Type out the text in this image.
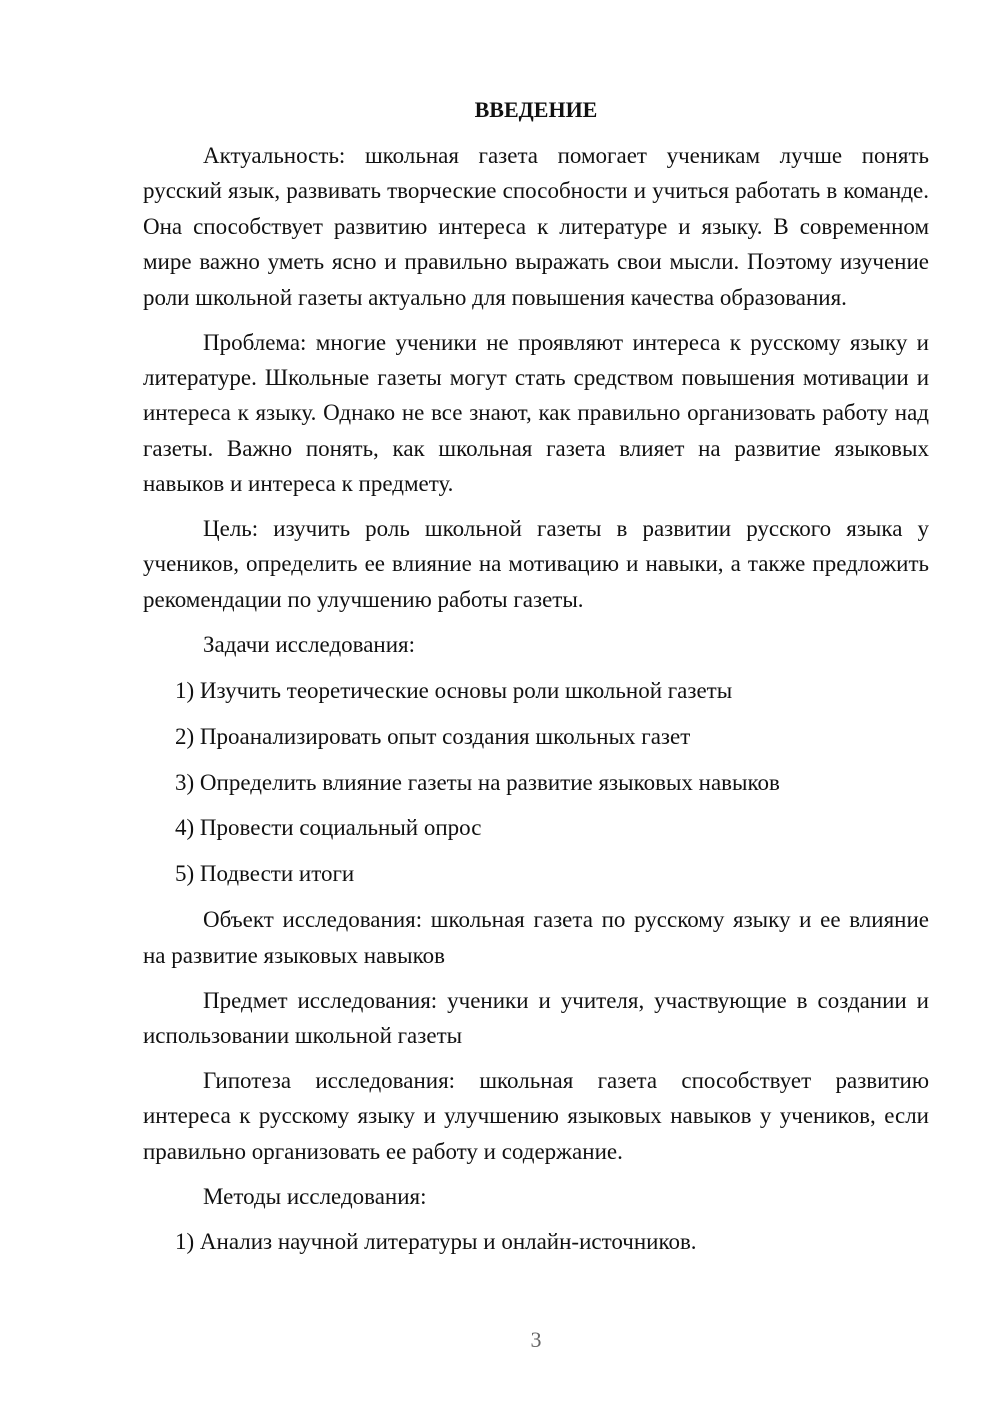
ВВЕДЕНИЕ

Актуальность: школьная газета помогает ученикам лучше понять русский язык, развивать творческие способности и учиться работать в команде. Она способствует развитию интереса к литературе и языку. В современном мире важно уметь ясно и правильно выражать свои мысли. Поэтому изучение роли школьной газеты актуально для повышения качества образования.

Проблема: многие ученики не проявляют интереса к русскому языку и литературе. Школьные газеты могут стать средством повышения мотивации и интереса к языку. Однако не все знают, как правильно организовать работу над газеты. Важно понять, как школьная газета влияет на развитие языковых навыков и интереса к предмету.

Цель: изучить роль школьной газеты в развитии русского языка у учеников, определить ее влияние на мотивацию и навыки, а также предложить рекомендации по улучшению работы газеты.

Задачи исследования:
1) Изучить теоретические основы роли школьной газеты
2) Проанализировать опыт создания школьных газет
3) Определить влияние газеты на развитие языковых навыков
4) Провести социальный опрос
5) Подвести итоги

Объект исследования: школьная газета по русскому языку и ее влияние на развитие языковых навыков

Предмет исследования: ученики и учителя, участвующие в создании и использовании школьной газеты

Гипотеза исследования: школьная газета способствует развитию интереса к русскому языку и улучшению языковых навыков у учеников, если правильно организовать ее работу и содержание.

Методы исследования:
1) Анализ научной литературы и онлайн-источников.
3
